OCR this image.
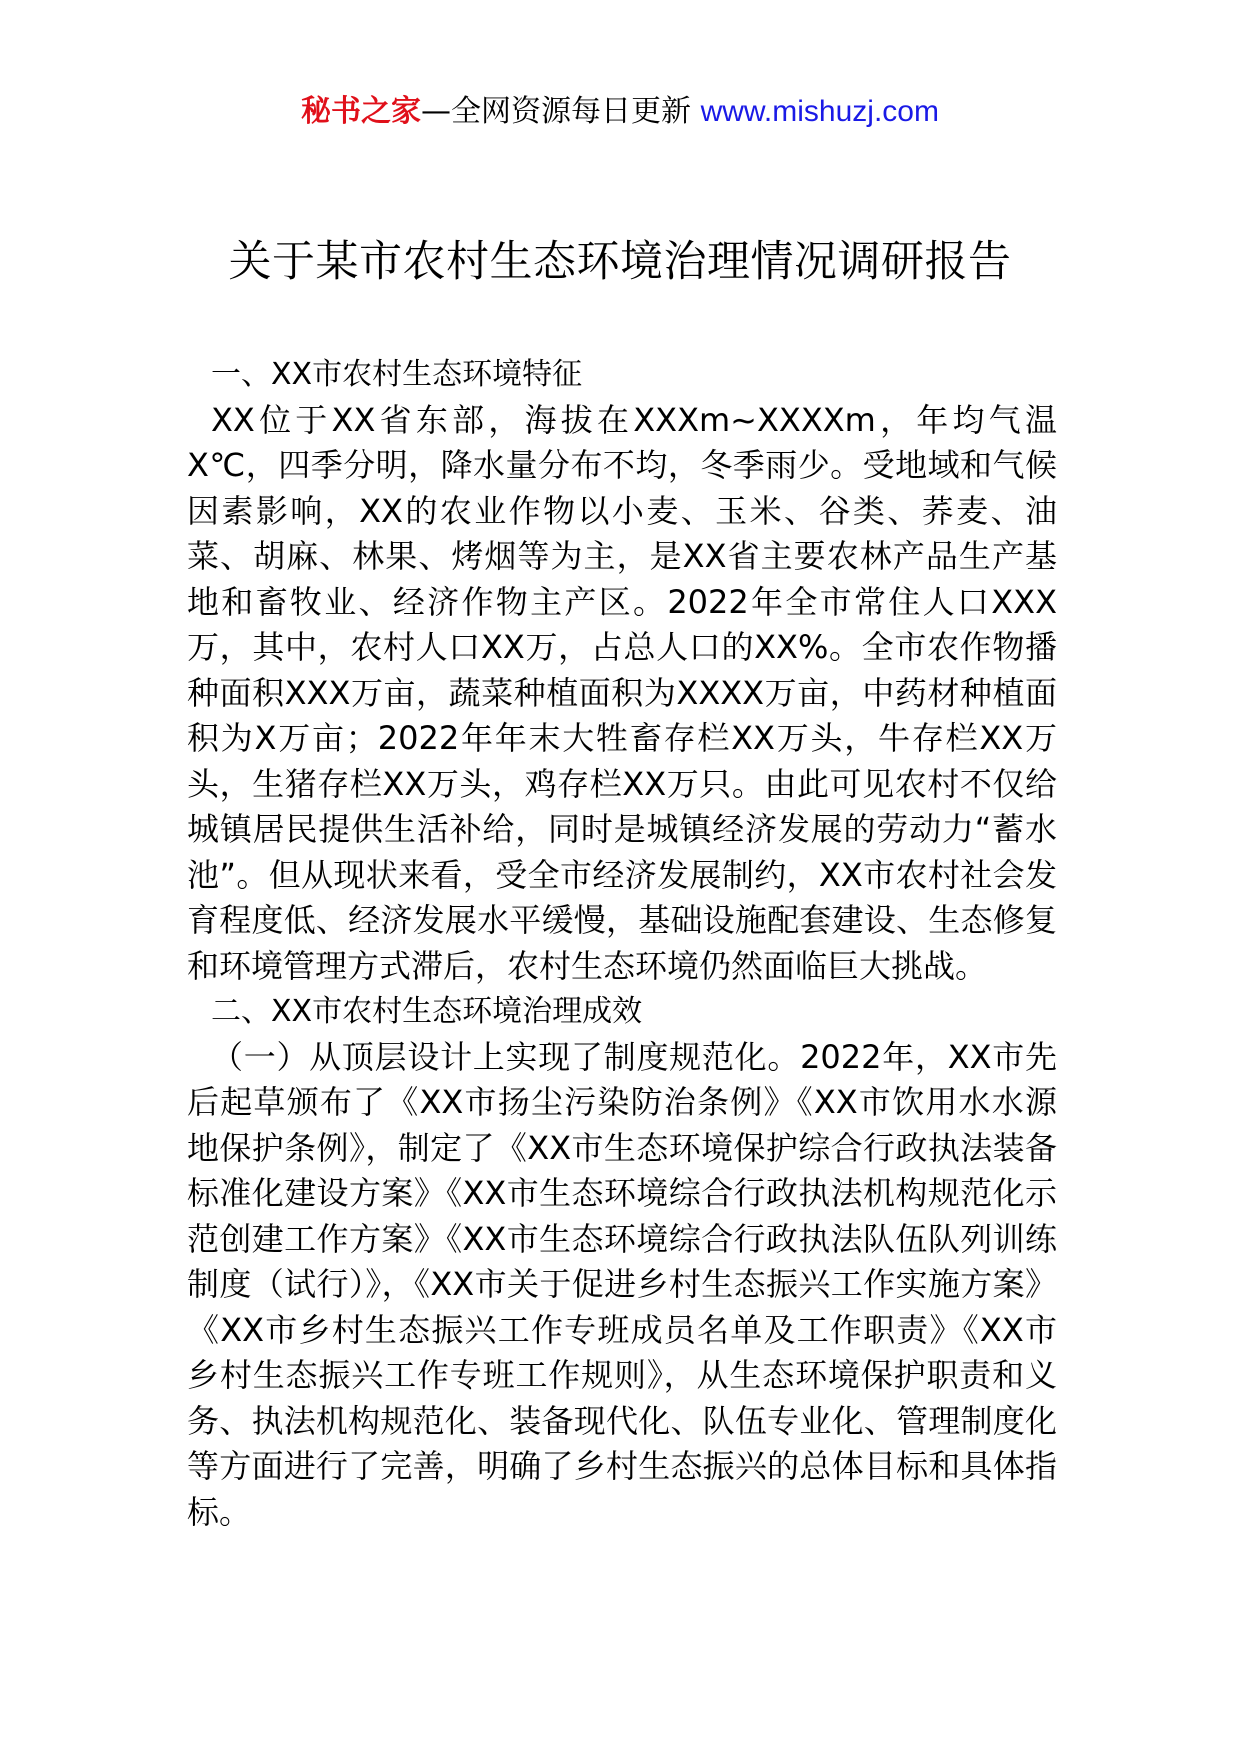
秘书之家—全网资源每日更新 www.mishuzj.com
关于某市农村生态环境治理情况调研报告

一、XX市农村生态环境特征

XX位于XX省东部，海拔在XXXm~XXXXm，年均气温X℃，四季分明，降水量分布不均，冬季雨少。受地域和气候因素影响，XX的农业作物以小麦、玉米、谷类、荞麦、油菜、胡麻、林果、烤烟等为主，是XX省主要农林产品生产基地和畜牧业、经济作物主产区。2022年全市常住人口XXX万，其中，农村人口XX万，占总人口的XX%。全市农作物播种面积XXX万亩，蔬菜种植面积为XXXX万亩，中药材种植面积为X万亩；2022年年末大牲畜存栏XX万头，牛存栏XX万头，生猪存栏XX万头，鸡存栏XX万只。由此可见农村不仅给城镇居民提供生活补给，同时是城镇经济发展的劳动力“蓄水池”。但从现状来看，受全市经济发展制约，XX市农村社会发育程度低、经济发展水平缓慢，基础设施配套建设、生态修复和环境管理方式滞后，农村生态环境仍然面临巨大挑战。

二、XX市农村生态环境治理成效

（一）从顶层设计上实现了制度规范化。2022年，XX市先后起草颁布了《XX市扬尘污染防治条例》《XX市饮用水水源地保护条例》，制定了《XX市生态环境保护综合行政执法装备标准化建设方案》《XX市生态环境综合行政执法机构规范化示范创建工作方案》《XX市生态环境综合行政执法队伍队列训练制度（试行）》，《XX市关于促进乡村生态振兴工作实施方案》《XX市乡村生态振兴工作专班成员名单及工作职责》《XX市乡村生态振兴工作专班工作规则》，从生态环境保护职责和义务、执法机构规范化、装备现代化、队伍专业化、管理制度化等方面进行了完善，明确了乡村生态振兴的总体目标和具体指标。
